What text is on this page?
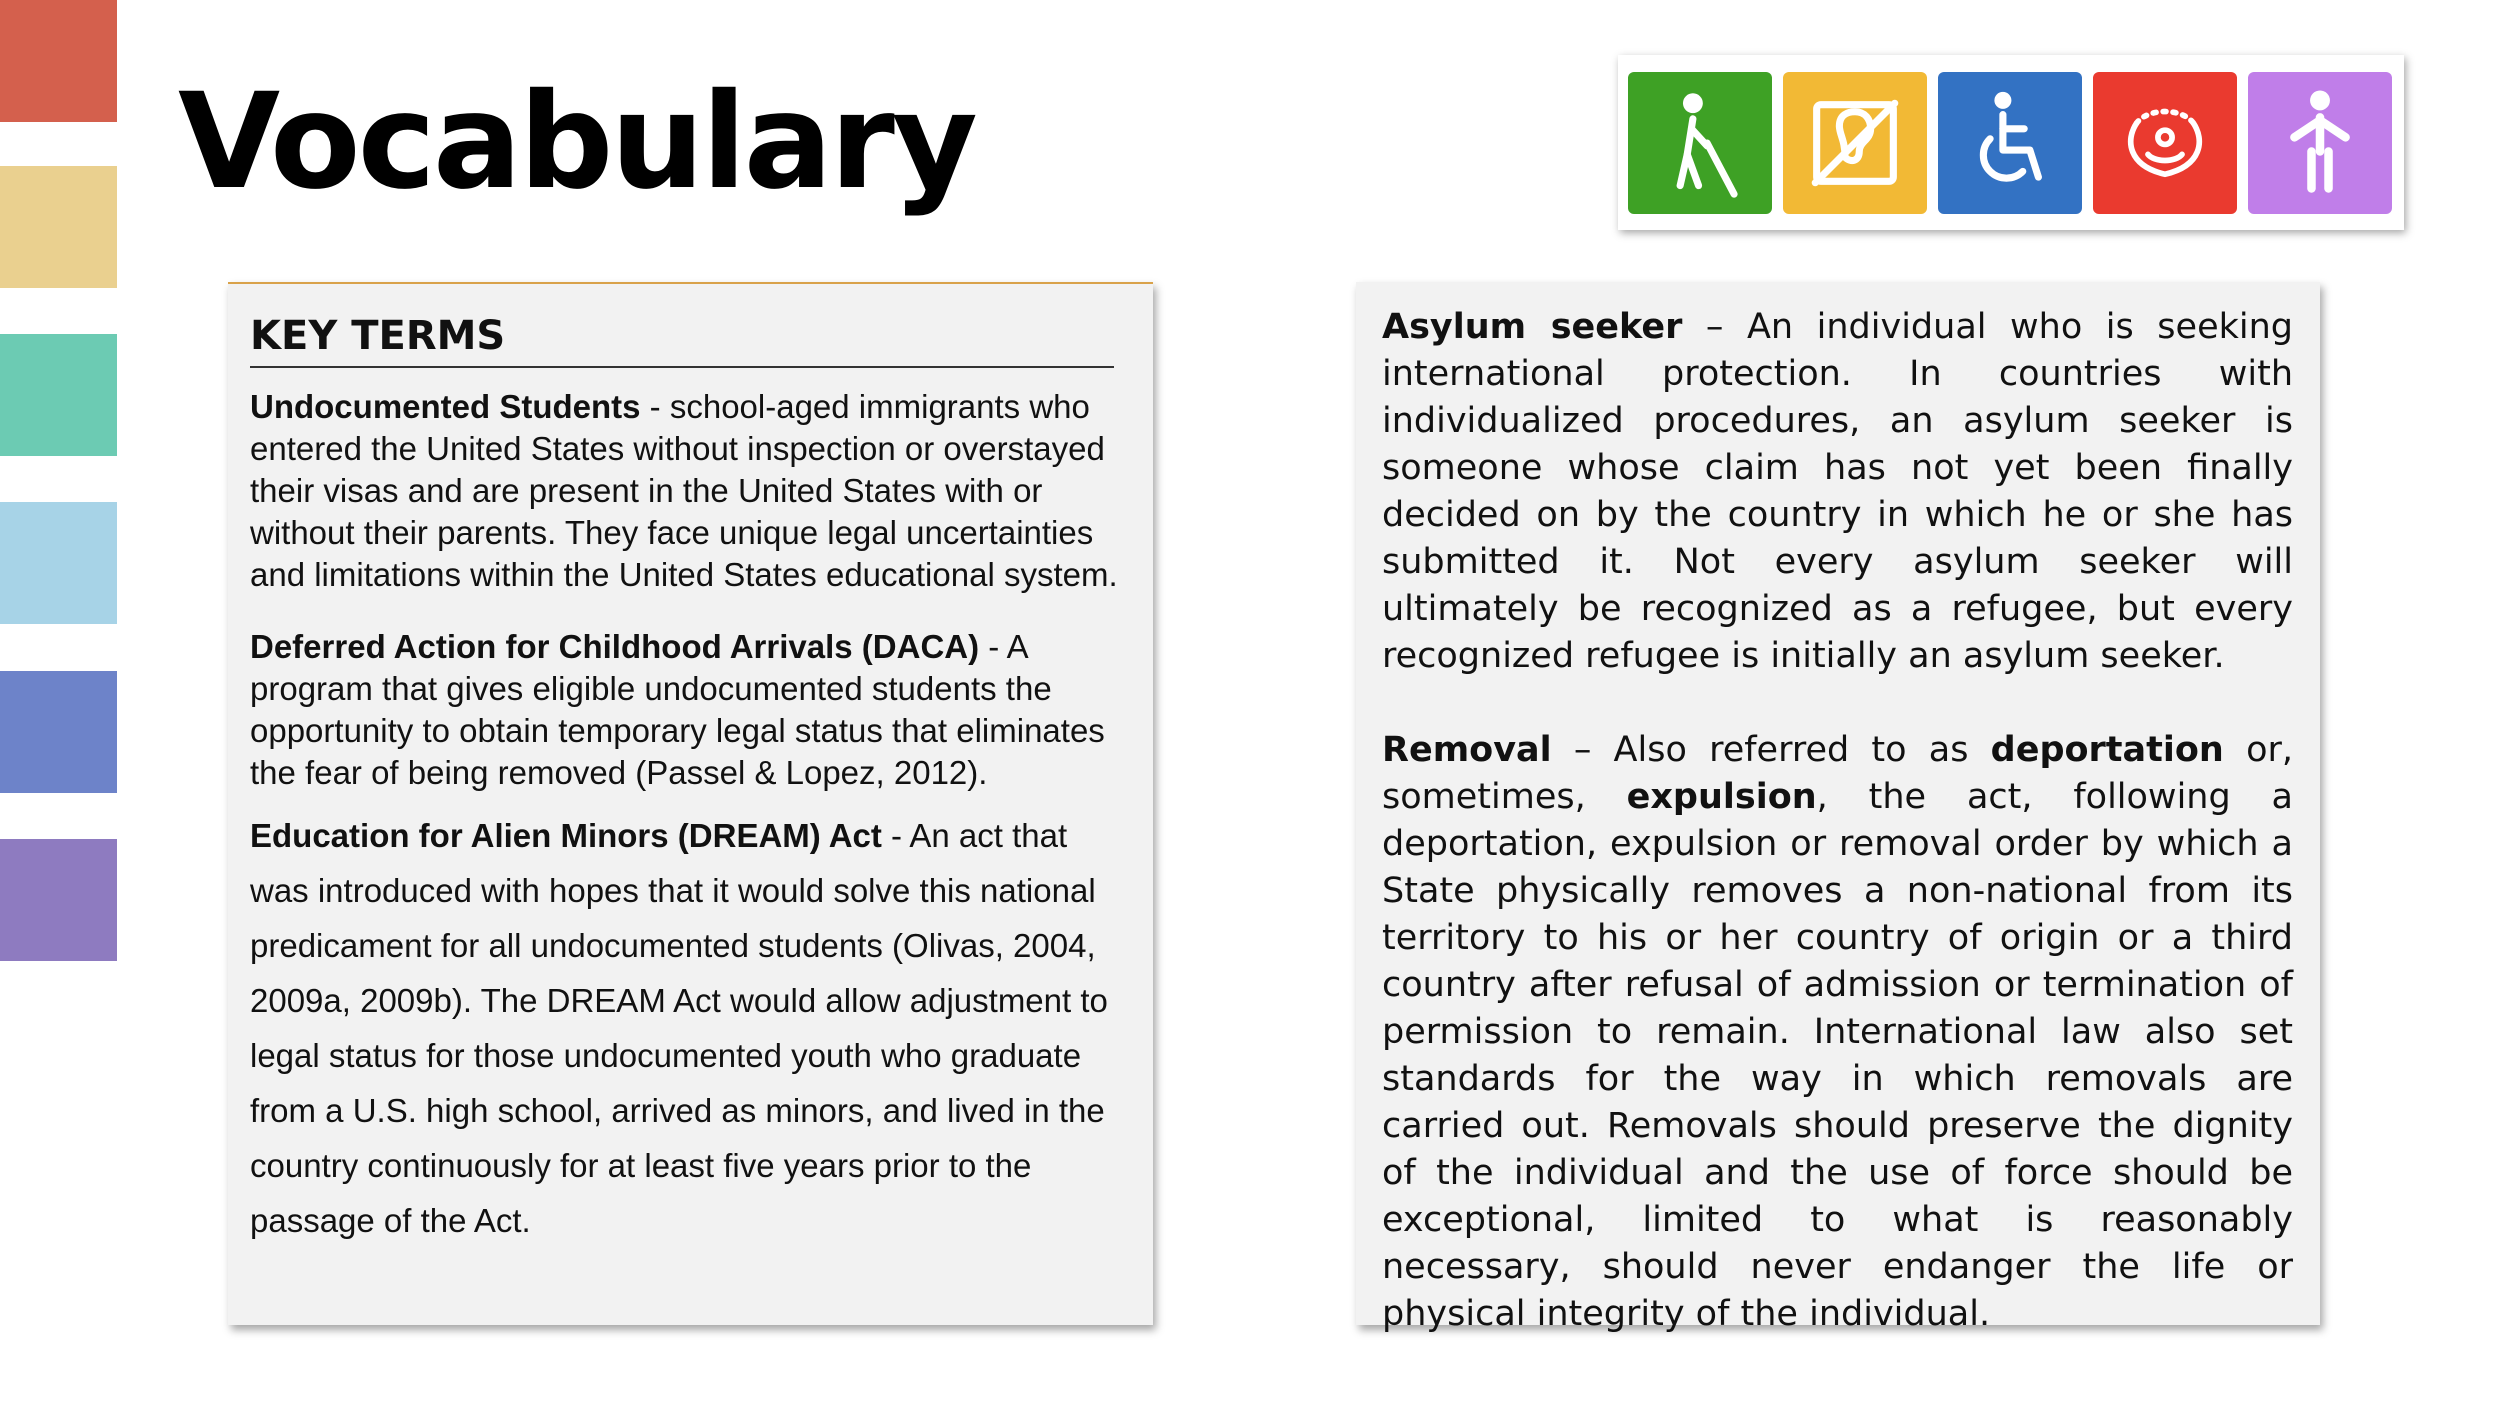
Vocabulary
KEY TERMS

Undocumented Students - school-aged immigrants who entered the United States without inspection or overstayed their visas and are present in the United States with or without their parents. They face unique legal uncertainties and limitations within the United States educational system.

Deferred Action for Childhood Arrivals (DACA) - A program that gives eligible undocumented students the opportunity to obtain temporary legal status that eliminates the fear of being removed (Passel & Lopez, 2012).

Education for Alien Minors (DREAM) Act - An act that was introduced with hopes that it would solve this national predicament for all undocumented students (Olivas, 2004, 2009a, 2009b). The DREAM Act would allow adjustment to legal status for those undocumented youth who graduate from a U.S. high school, arrived as minors, and lived in the country continuously for at least five years prior to the passage of the Act.

Asylum seeker – An individual who is seeking international protection. In countries with individualized procedures, an asylum seeker is someone whose claim has not yet been finally decided on by the country in which he or she has submitted it. Not every asylum seeker will ultimately be recognized as a refugee, but every recognized refugee is initially an asylum seeker.

Removal – Also referred to as deportation or, sometimes, expulsion, the act, following a deportation, expulsion or removal order by which a State physically removes a non-national from its territory to his or her country of origin or a third country after refusal of admission or termination of permission to remain. International law also set standards for the way in which removals are carried out. Removals should preserve the dignity of the individual and the use of force should be exceptional, limited to what is reasonably necessary, should never endanger the life or physical integrity of the individual.
